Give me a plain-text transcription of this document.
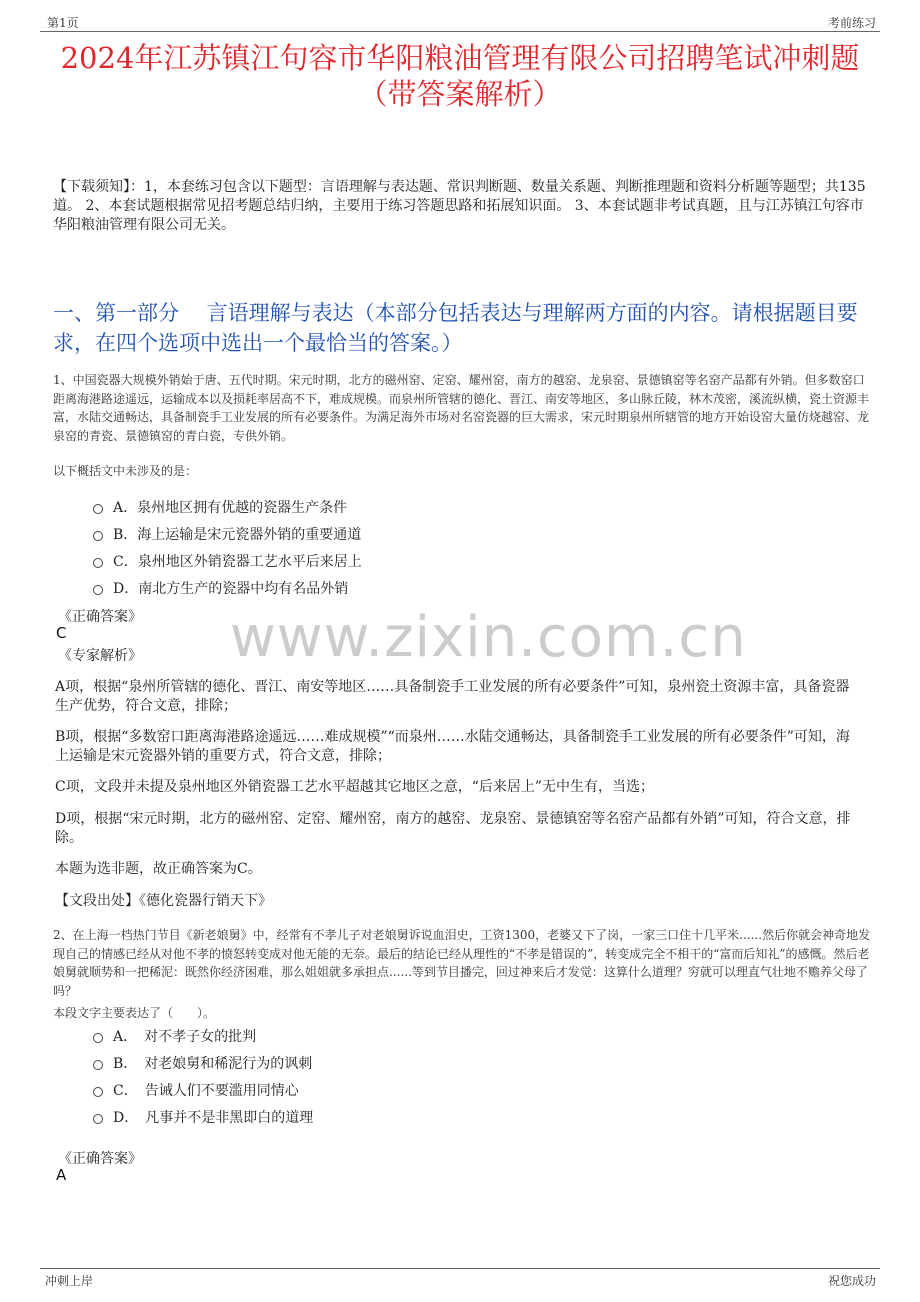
第1页	考前练习
2024年江苏镇江句容市华阳粮油管理有限公司招聘笔试冲刺题
（带答案解析）
【下载须知】：1，本套练习包含以下题型：言语理解与表达题、常识判断题、数量关系题、判断推理题和资料分析题等题型；共135道。 2、本套试题根据常见招考题总结归纳，主要用于练习答题思路和拓展知识面。 3、本套试题非考试真题，且与江苏镇江句容市华阳粮油管理有限公司无关。
一、第一部分　 言语理解与表达（本部分包括表达与理解两方面的内容。请根据题目要求，在四个选项中选出一个最恰当的答案。）
1、中国瓷器大规模外销始于唐、五代时期。宋元时期，北方的磁州窑、定窑、耀州窑，南方的越窑、龙泉窑、景德镇窑等名窑产品都有外销。但多数窑口距离海港路途遥远，运输成本以及损耗率居高不下，难成规模。而泉州所管辖的德化、晋江、南安等地区，多山脉丘陵，林木茂密，溪流纵横，瓷土资源丰富，水陆交通畅达，具备制瓷手工业发展的所有必要条件。为满足海外市场对名窑瓷器的巨大需求，宋元时期泉州所辖管的地方开始设窑大量仿烧越窑、龙泉窑的青瓷、景德镇窑的青白瓷，专供外销。
以下概括文中未涉及的是：
A．泉州地区拥有优越的瓷器生产条件
B．海上运输是宋元瓷器外销的重要通道
C．泉州地区外销瓷器工艺水平后来居上
D．南北方生产的瓷器中均有名品外销
《正确答案》
C
《专家解析》 www.zixin.com.cn
A项，根据“泉州所管辖的德化、晋江、南安等地区……具备制瓷手工业发展的所有必要条件”可知，泉州瓷土资源丰富，具备瓷器生产优势，符合文意，排除；
B项，根据“多数窑口距离海港路途遥远……难成规模”“而泉州……水陆交通畅达，具备制瓷手工业发展的所有必要条件”可知，海上运输是宋元瓷器外销的重要方式，符合文意，排除；
C项，文段并未提及泉州地区外销瓷器工艺水平超越其它地区之意，“后来居上”无中生有，当选；
D项，根据“宋元时期，北方的磁州窑、定窑、耀州窑，南方的越窑、龙泉窑、景德镇窑等名窑产品都有外销”可知，符合文意，排除。
本题为选非题，故正确答案为C。
【文段出处】《德化瓷器行销天下》
2、在上海一档热门节目《新老娘舅》中，经常有不孝儿子对老娘舅诉说血泪史，工资1300，老婆又下了岗，一家三口住十几平米......然后你就会神奇地发现自己的情感已经从对他不孝的愤怒转变成对他无能的无奈。最后的结论已经从理性的“不孝是错误的”，转变成完全不相干的“富而后知礼”的感慨。然后老娘舅就顺势和一把稀泥：既然你经济困难，那么姐姐就多承担点......等到节目播完，回过神来后才发觉：这算什么道理？穷就可以理直气壮地不赡养父母了吗？
本段文字主要表达了（　　）。
A．　对不孝子女的批判
B．　对老娘舅和稀泥行为的讽刺
C．　告诫人们不要滥用同情心
D．　凡事并不是非黑即白的道理
《正确答案》
A
冲刺上岸	祝您成功
